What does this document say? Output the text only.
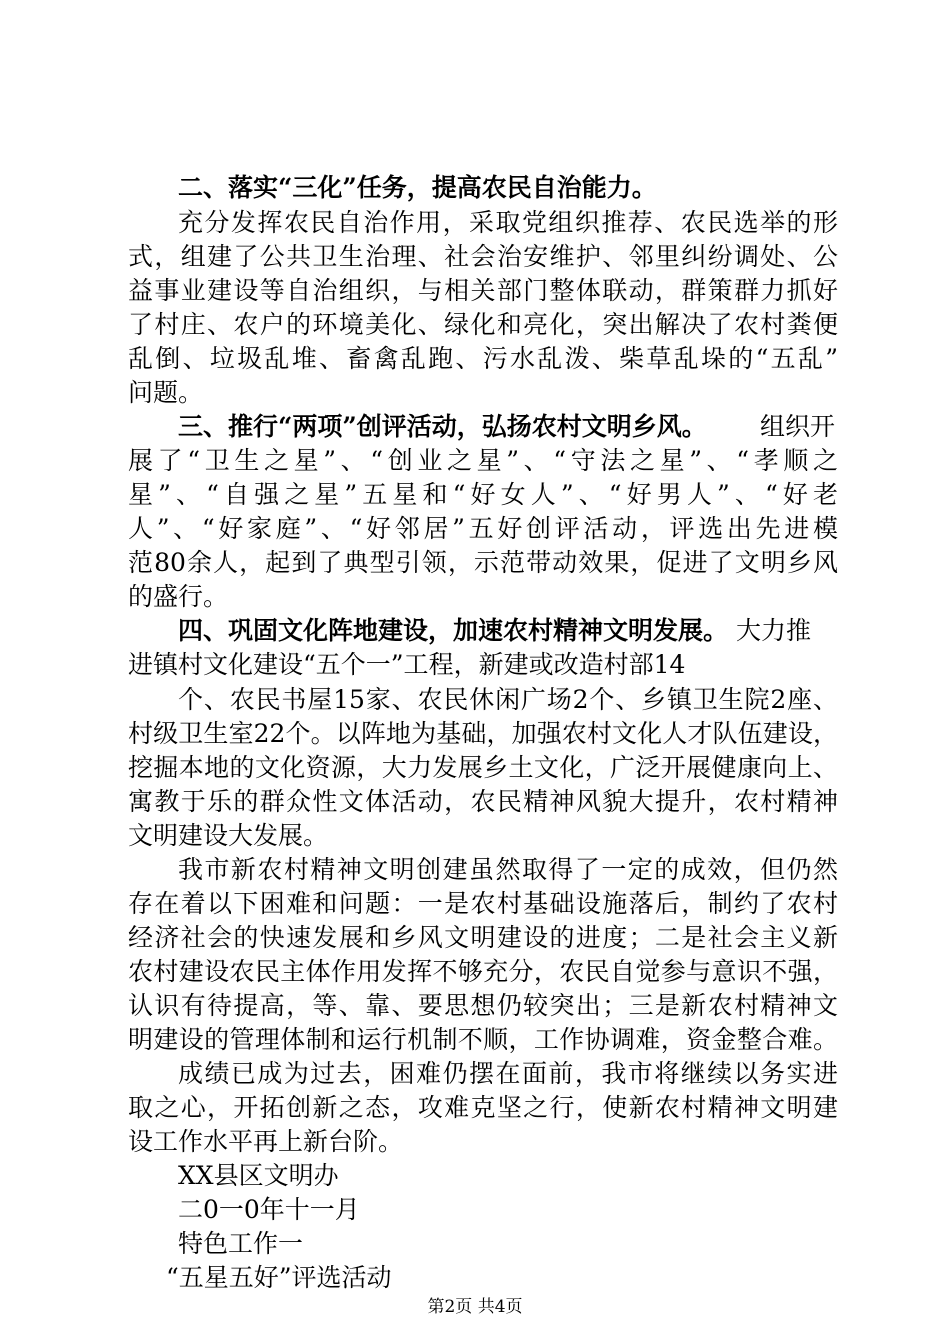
二、落实“三化”任务，提高农民自治能力。
充分发挥农民自治作用，采取党组织推荐、农民选举的形
式，组建了公共卫生治理、社会治安维护、邻里纠纷调处、公
益事业建设等自治组织，与相关部门整体联动，群策群力抓好
了村庄、农户的环境美化、绿化和亮化，突出解决了农村粪便
乱倒、垃圾乱堆、畜禽乱跑、污水乱泼、柴草乱垛的“五乱”
问题。
三、推行“两项”创评活动，弘扬农村文明乡风。 组织开
展了“卫生之星”、“创业之星”、“守法之星”、“孝顺之
星”、“自强之星”五星和“好女人”、“好男人”、“好老
人”、“好家庭”、“好邻居”五好创评活动，评选出先进模
范80余人，起到了典型引领，示范带动效果，促进了文明乡风
的盛行。
四、巩固文化阵地建设，加速农村精神文明发展。 大力推
进镇村文化建设“五个一”工程，新建或改造村部14
个、农民书屋15家、农民休闲广场2个、乡镇卫生院2座、
村级卫生室22个。以阵地为基础，加强农村文化人才队伍建设，
挖掘本地的文化资源，大力发展乡土文化，广泛开展健康向上、
寓教于乐的群众性文体活动，农民精神风貌大提升，农村精神
文明建设大发展。
我市新农村精神文明创建虽然取得了一定的成效，但仍然
存在着以下困难和问题：一是农村基础设施落后，制约了农村
经济社会的快速发展和乡风文明建设的进度；二是社会主义新
农村建设农民主体作用发挥不够充分，农民自觉参与意识不强，
认识有待提高，等、靠、要思想仍较突出；三是新农村精神文
明建设的管理体制和运行机制不顺，工作协调难，资金整合难。
成绩已成为过去，困难仍摆在面前，我市将继续以务实进
取之心，开拓创新之态，攻难克坚之行，使新农村精神文明建
设工作水平再上新台阶。
XX县区文明办
二0一0年十一月
特色工作一
“五星五好”评选活动
第2页 共4页
